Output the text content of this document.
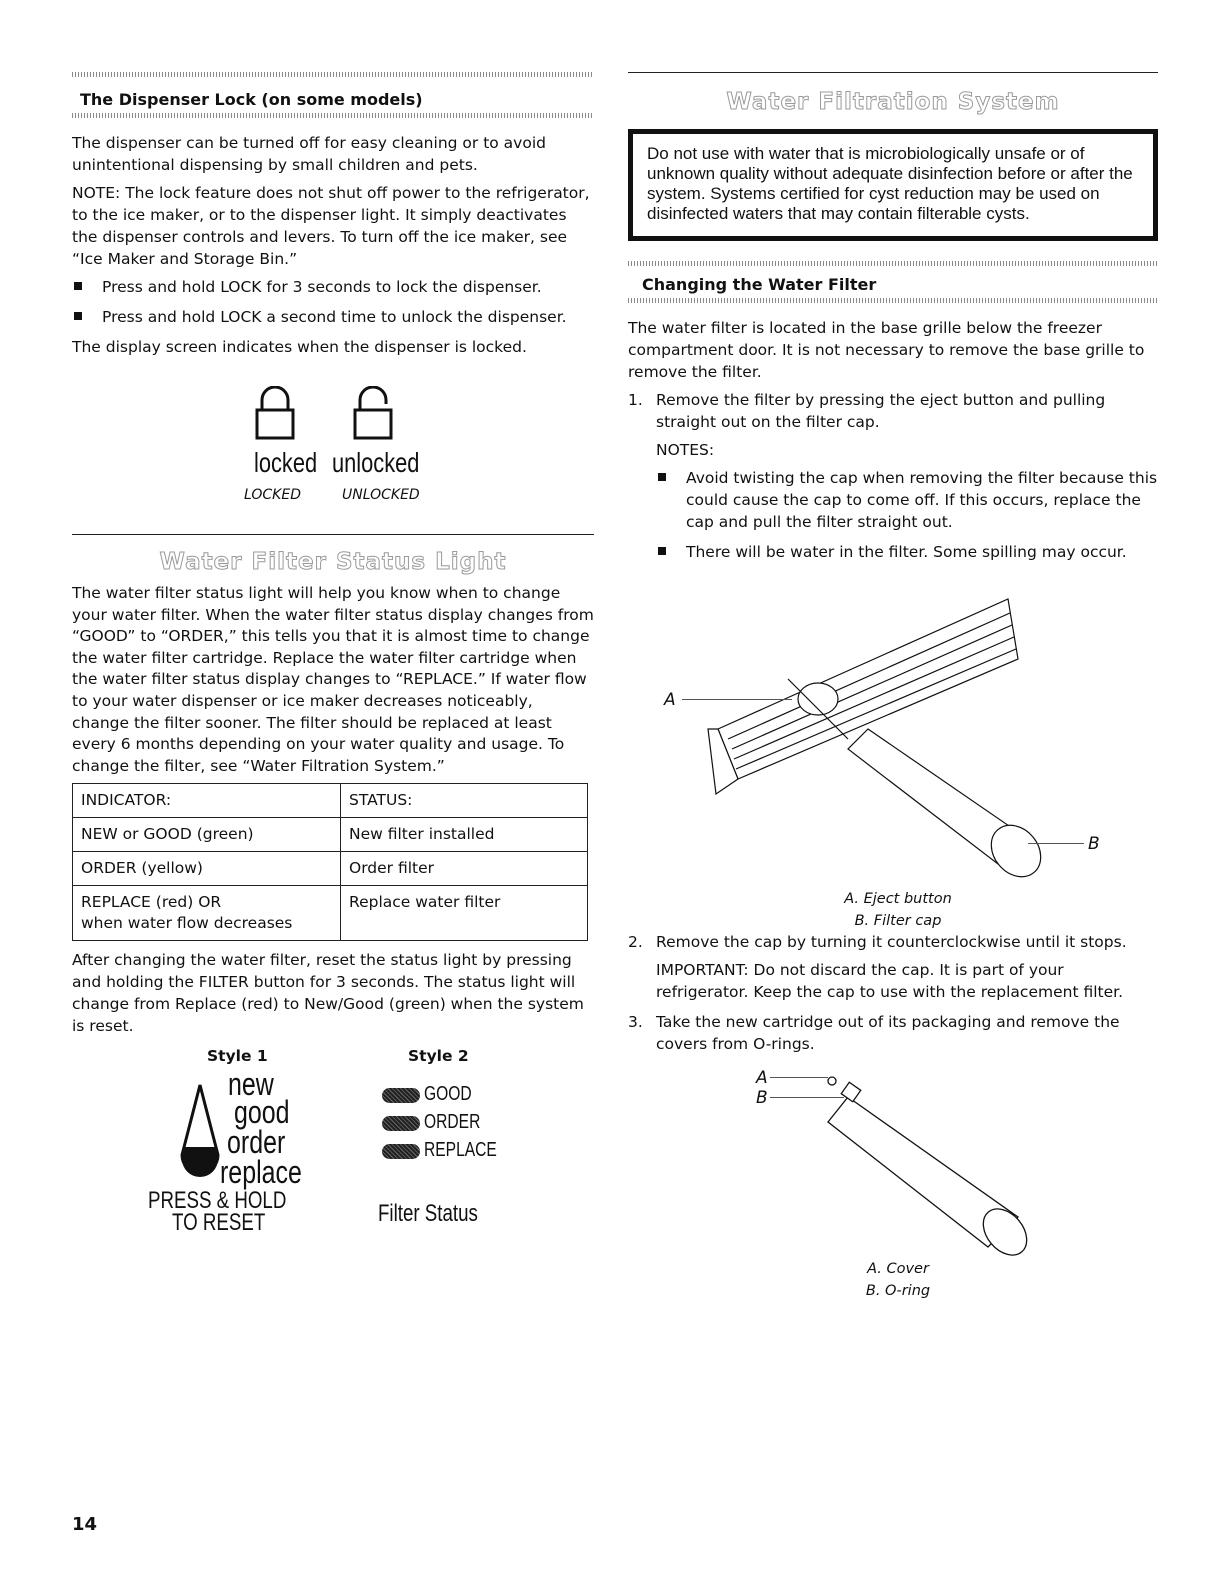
The Dispenser Lock (on some models)

The dispenser can be turned off for easy cleaning or to avoid unintentional dispensing by small children and pets.

NOTE: The lock feature does not shut off power to the refrigerator, to the ice maker, or to the dispenser light. It simply deactivates the dispenser controls and levers. To turn off the ice maker, see “Ice Maker and Storage Bin.”

Press and hold LOCK for 3 seconds to lock the dispenser.
Press and hold LOCK a second time to unlock the dispenser.

The display screen indicates when the dispenser is locked.

locked unlocked
LOCKED	UNLOCKED
Water Filter Status Light

The water filter status light will help you know when to change your water filter. When the water filter status display changes from “GOOD” to “ORDER,” this tells you that it is almost time to change the water filter cartridge. Replace the water filter cartridge when the water filter status display changes to “REPLACE.” If water flow to your water dispenser or ice maker decreases noticeably, change the filter sooner. The filter should be replaced at least every 6 months depending on your water quality and usage. To change the filter, see “Water Filtration System.”

INDICATOR:	STATUS:
NEW or GOOD (green)	New filter installed
ORDER (yellow)	Order filter
REPLACE (red) OR
when water flow decreases	Replace water filter

After changing the water filter, reset the status light by pressing and holding the FILTER button for 3 seconds. The status light will change from Replace (red) to New/Good (green) when the system is reset.

Style 1	Style 2
new
good
order
replace
PRESS & HOLD
TO RESET
GOOD
ORDER
REPLACE
Filter Status
Water Filtration System
Do not use with water that is microbiologically unsafe or of unknown quality without adequate disinfection before or after the system. Systems certified for cyst reduction may be used on disinfected waters that may contain filterable cysts.
Changing the Water Filter

The water filter is located in the base grille below the freezer compartment door. It is not necessary to remove the base grille to remove the filter.

1. Remove the filter by pressing the eject button and pulling straight out on the filter cap.
NOTES:
Avoid twisting the cap when removing the filter because this could cause the cap to come off. If this occurs, replace the cap and pull the filter straight out.
There will be water in the filter. Some spilling may occur.
A
B
A. Eject button
B. Filter cap
2. Remove the cap by turning it counterclockwise until it stops.
IMPORTANT: Do not discard the cap. It is part of your refrigerator. Keep the cap to use with the replacement filter.
3. Take the new cartridge out of its packaging and remove the covers from O-rings.
A
B
A. Cover
B. O-ring
14
